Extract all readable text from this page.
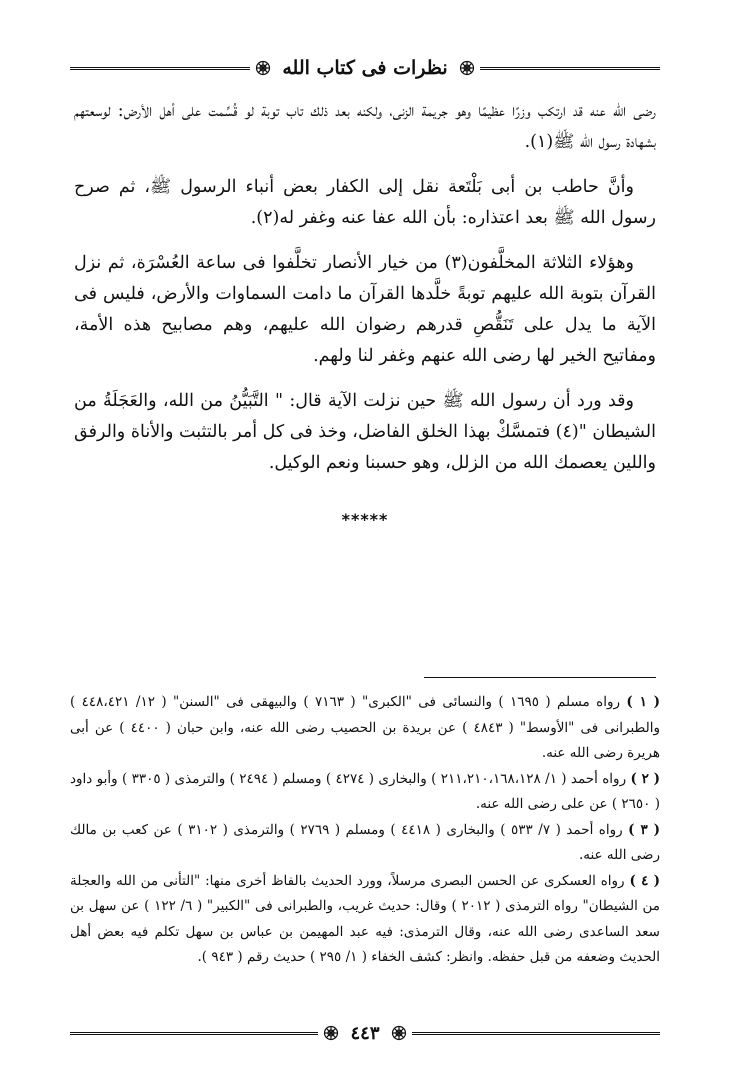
نظرات فى كتاب الله

رضى الله عنه قد ارتكب وزرًا عظيمًا وهو جريمة الزنى، ولكنه بعد ذلك تاب توبة لو قُسِّمت على أهل الأرض: لوسعتهم بشهادة رسول الله ﷺ(١).

وأنَّ حاطب بن أبى بَلْتَعة نقل إلى الكفار بعض أنباء الرسول ﷺ، ثم صرح رسول الله ﷺ بعد اعتذاره: بأن الله عفا عنه وغفر له(٢).

وهؤلاء الثلاثة المخلَّفون(٣) من خيار الأنصار تخلَّفوا فى ساعة العُسْرَة، ثم نزل القرآن بتوبة الله عليهم توبةً خلَّدها القرآن ما دامت السماوات والأرض، فليس فى الآية ما يدل على تَنَقُّصِ قدرهم رضوان الله عليهم، وهم مصابيح هذه الأمة، ومفاتيح الخير لها رضى الله عنهم وغفر لنا ولهم.

وقد ورد أن رسول الله ﷺ حين نزلت الآية قال: " التَّبَيُّنُ من الله، والعَجَلَةُ من الشيطان "(٤) فتمسَّكْ بهذا الخلق الفاضل، وخذ فى كل أمر بالتثبت والأناة والرفق واللين يعصمك الله من الزلل، وهو حسبنا ونعم الوكيل.

*****

( ١ ) رواه مسلم ( ١٦٩٥ ) والنسائى فى "الكبرى" ( ٧١٦٣ ) والبيهقى فى "السنن" ( ١٢/ ٤٤٨،٤٢١ ) والطبرانى فى "الأوسط" ( ٤٨٤٣ ) عن بريدة بن الحصيب رضى الله عنه، وابن حبان ( ٤٤٠٠ ) عن أبى هريرة رضى الله عنه.

( ٢ ) رواه أحمد ( ١/ ٢١١،٢١٠،١٦٨،١٢٨ ) والبخارى ( ٤٢٧٤ ) ومسلم ( ٢٤٩٤ ) والترمذى ( ٣٣٠٥ ) وأبو داود ( ٢٦٥٠ ) عن على رضى الله عنه.

( ٣ ) رواه أحمد ( ٧/ ٥٣٣ ) والبخارى ( ٤٤١٨ ) ومسلم ( ٢٧٦٩ ) والترمذى ( ٣١٠٢ ) عن كعب بن مالك رضى الله عنه.

( ٤ ) رواه العسكرى عن الحسن البصرى مرسلاً، وورد الحديث بالفاظ أخرى منها: "التأنى من الله والعجلة من الشيطان" رواه الترمذى ( ٢٠١٢ ) وقال: حديث غريب، والطبرانى فى "الكبير" ( ٦/ ١٢٢ ) عن سهل بن سعد الساعدى رضى الله عنه، وقال الترمذى: فيه عبد المهيمن بن عباس بن سهل تكلم فيه بعض أهل الحديث وضعفه من قبل حفظه. وانظر: كشف الخفاء ( ١/ ٢٩٥ ) حديث رقم ( ٩٤٣ ).

٤٤٣
